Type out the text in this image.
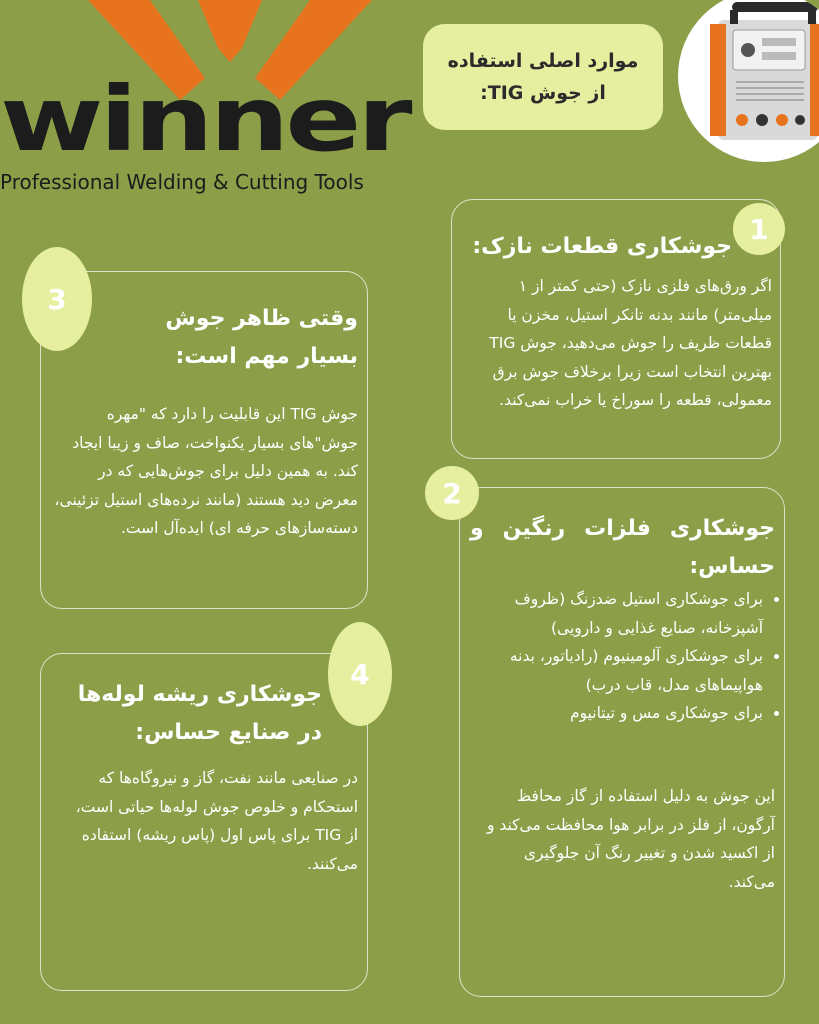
winner
Professional Welding & Cutting Tools
موارد اصلی استفاده از جوش TIG:
1
جوشکاری قطعات نازک:
اگر ورق‌های فلزی نازک (حتی کمتر از ۱ میلی‌متر) مانند بدنه تانکر استیل، مخزن یا قطعات ظریف را جوش می‌دهید، جوش TIG بهترین انتخاب است زیرا برخلاف جوش برق معمولی، قطعه را سوراخ یا خراب نمی‌کند.
2
جوشکاری فلزات رنگین و حساس:
• برای جوشکاری استیل ضدزنگ (ظروف آشپزخانه، صنایع غذایی و دارویی)
• برای جوشکاری آلومینیوم (رادیاتور، بدنه هواپیماهای مدل، قاب درب)
• برای جوشکاری مس و تیتانیوم
این جوش به دلیل استفاده از گاز محافظ آرگون، از فلز در برابر هوا محافظت می‌کند و از اکسید شدن و تغییر رنگ آن جلوگیری می‌کند.
3
وقتی ظاهر جوش بسیار مهم است:
جوش TIG این قابلیت را دارد که "مهره جوش"های بسیار یکنواخت، صاف و زیبا ایجاد کند. به همین دلیل برای جوش‌هایی که در معرض دید هستند (مانند نرده‌های استیل تزئینی، دسته‌سازهای حرفه ای) ایده‌آل است.
4
جوشکاری ریشه لوله‌ها در صنایع حساس:
در صنایعی مانند نفت، گاز و نیروگاه‌ها که استحکام و خلوص جوش لوله‌ها حیاتی است، از TIG برای پاس اول (پاس ریشه) استفاده می‌کنند.
